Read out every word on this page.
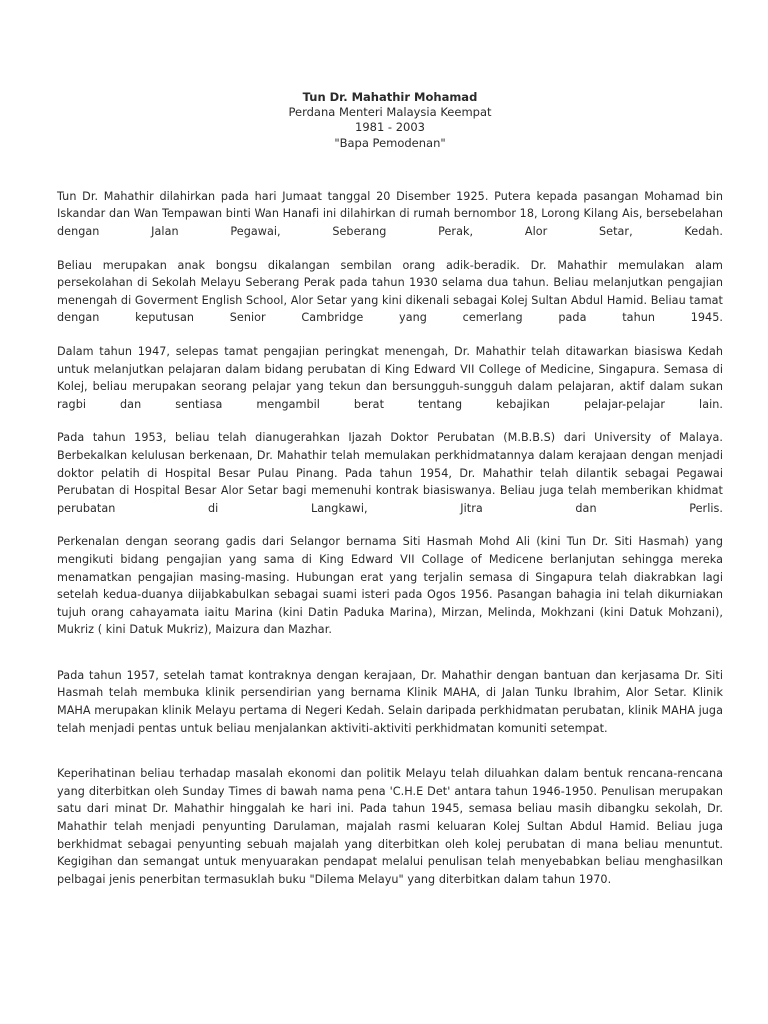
Tun Dr. Mahathir Mohamad
Perdana Menteri Malaysia Keempat
1981 - 2003
"Bapa Pemodenan"

Tun Dr. Mahathir dilahirkan pada hari Jumaat tanggal 20 Disember 1925. Putera kepada pasangan Mohamad bin Iskandar dan Wan Tempawan binti Wan Hanafi ini dilahirkan di rumah bernombor 18, Lorong Kilang Ais, bersebelahan dengan Jalan Pegawai, Seberang Perak, Alor Setar, Kedah.

Beliau merupakan anak bongsu dikalangan sembilan orang adik-beradik. Dr. Mahathir memulakan alam persekolahan di Sekolah Melayu Seberang Perak pada tahun 1930 selama dua tahun. Beliau melanjutkan pengajian menengah di Goverment English School, Alor Setar yang kini dikenali sebagai Kolej Sultan Abdul Hamid. Beliau tamat dengan keputusan Senior Cambridge yang cemerlang pada tahun 1945.

Dalam tahun 1947, selepas tamat pengajian peringkat menengah, Dr. Mahathir telah ditawarkan biasiswa Kedah untuk melanjutkan pelajaran dalam bidang perubatan di King Edward VII College of Medicine, Singapura. Semasa di Kolej, beliau merupakan seorang pelajar yang tekun dan bersungguh-sungguh dalam pelajaran, aktif dalam sukan ragbi dan sentiasa mengambil berat tentang kebajikan pelajar-pelajar lain.

Pada tahun 1953, beliau telah dianugerahkan Ijazah Doktor Perubatan (M.B.B.S) dari University of Malaya. Berbekalkan kelulusan berkenaan, Dr. Mahathir telah memulakan perkhidmatannya dalam kerajaan dengan menjadi doktor pelatih di Hospital Besar Pulau Pinang. Pada tahun 1954, Dr. Mahathir telah dilantik sebagai Pegawai Perubatan di Hospital Besar Alor Setar bagi memenuhi kontrak biasiswanya. Beliau juga telah memberikan khidmat perubatan di Langkawi, Jitra dan Perlis.

Perkenalan dengan seorang gadis dari Selangor bernama Siti Hasmah Mohd Ali (kini Tun Dr. Siti Hasmah) yang mengikuti bidang pengajian yang sama di King Edward VII Collage of Medicene berlanjutan sehingga mereka menamatkan pengajian masing-masing. Hubungan erat yang terjalin semasa di Singapura telah diakrabkan lagi setelah kedua-duanya diijabkabulkan sebagai suami isteri pada Ogos 1956. Pasangan bahagia ini telah dikurniakan tujuh orang cahayamata iaitu Marina (kini Datin Paduka Marina), Mirzan, Melinda, Mokhzani (kini Datuk Mohzani), Mukriz ( kini Datuk Mukriz), Maizura dan Mazhar.

Pada tahun 1957, setelah tamat kontraknya dengan kerajaan, Dr. Mahathir dengan bantuan dan kerjasama Dr. Siti Hasmah telah membuka klinik persendirian yang bernama Klinik MAHA, di Jalan Tunku Ibrahim, Alor Setar. Klinik MAHA merupakan klinik Melayu pertama di Negeri Kedah. Selain daripada perkhidmatan perubatan, klinik MAHA juga telah menjadi pentas untuk beliau menjalankan aktiviti-aktiviti perkhidmatan komuniti setempat.

Keperihatinan beliau terhadap masalah ekonomi dan politik Melayu telah diluahkan dalam bentuk rencana-rencana yang diterbitkan oleh Sunday Times di bawah nama pena 'C.H.E Det' antara tahun 1946-1950. Penulisan merupakan satu dari minat Dr. Mahathir hinggalah ke hari ini. Pada tahun 1945, semasa beliau masih dibangku sekolah, Dr. Mahathir telah menjadi penyunting Darulaman, majalah rasmi keluaran Kolej Sultan Abdul Hamid. Beliau juga berkhidmat sebagai penyunting sebuah majalah yang diterbitkan oleh kolej perubatan di mana beliau menuntut. Kegigihan dan semangat untuk menyuarakan pendapat melalui penulisan telah menyebabkan beliau menghasilkan pelbagai jenis penerbitan termasuklah buku "Dilema Melayu" yang diterbitkan dalam tahun 1970.
